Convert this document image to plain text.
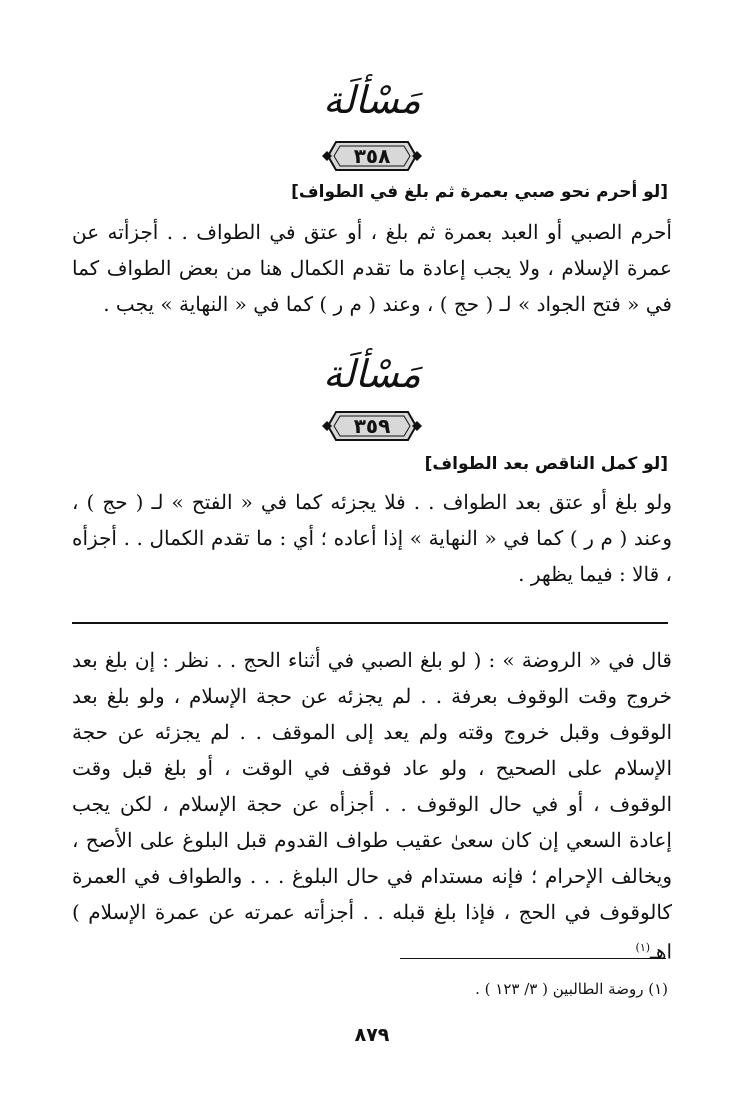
مَسْألَة
٣٥٨
[لو أحرم نحو صبي بعمرة ثم بلغ في الطواف]

أحرم الصبي أو العبد بعمرة ثم بلغ ، أو عتق في الطواف . . أجزأته عن عمرة الإسلام ، ولا يجب إعادة ما تقدم الكمال هنا من بعض الطواف كما في « فتح الجواد » لـ ( حج ) ، وعند ( م ر ) كما في « النهاية » يجب .

مَسْألَة
٣٥٩
[لو كمل الناقص بعد الطواف]

ولو بلغ أو عتق بعد الطواف . . فلا يجزئه كما في « الفتح » لـ ( حج ) ، وعند ( م ر ) كما في « النهاية » إذا أعاده ؛ أي : ما تقدم الكمال . . أجزأه ، قالا : فيما يظهر .

قال في « الروضة » : ( لو بلغ الصبي في أثناء الحج . . نظر : إن بلغ بعد خروج وقت الوقوف بعرفة . . لم يجزئه عن حجة الإسلام ، ولو بلغ بعد الوقوف وقبل خروج وقته ولم يعد إلى الموقف . . لم يجزئه عن حجة الإسلام على الصحيح ، ولو عاد فوقف في الوقت ، أو بلغ قبل وقت الوقوف ، أو في حال الوقوف . . أجزأه عن حجة الإسلام ، لكن يجب إعادة السعي إن كان سعىٰ عقيب طواف القدوم قبل البلوغ على الأصح ، ويخالف الإحرام ؛ فإنه مستدام في حال البلوغ . . . والطواف في العمرة كالوقوف في الحج ، فإذا بلغ قبله . . أجزأته عمرته عن عمرة الإسلام ) اهـ$^{(١)}$

(١) روضة الطالبين ( ٣/ ١٢٣ ) .
٨٧٩
